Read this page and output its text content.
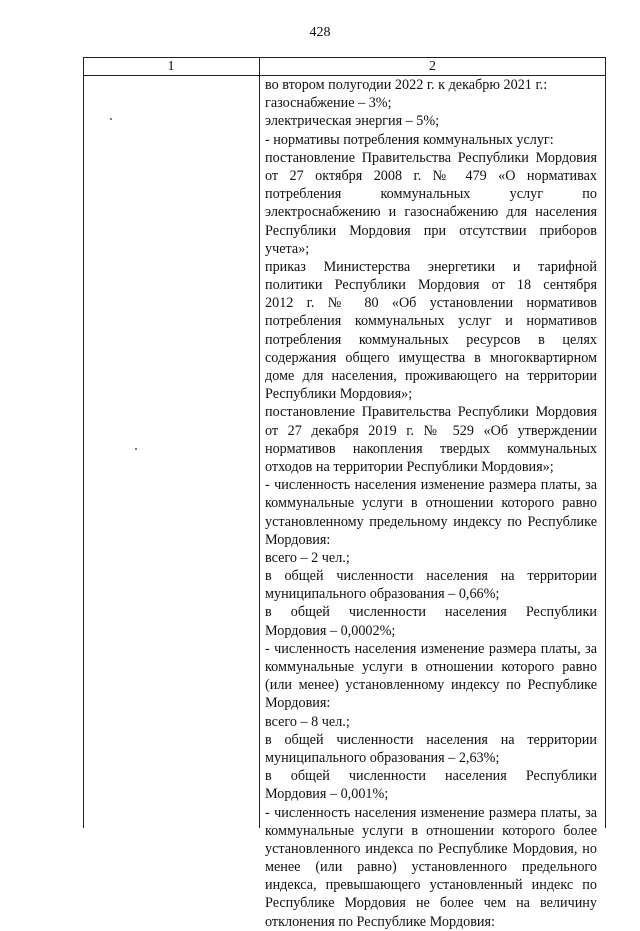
428
1	2
во втором полугодии 2022 г. к декабрю 2021 г.:
газоснабжение – 3%;
электрическая энергия – 5%;
- нормативы потребления коммунальных услуг:
постановление Правительства Республики Мордовия
от 27 октября 2008 г. № 479 «О нормативах
потребления коммунальных услуг по
электроснабжению и газоснабжению для населения
Республики Мордовия при отсутствии приборов
учета»;
приказ Министерства энергетики и тарифной
политики Республики Мордовия от 18 сентября
2012 г. № 80 «Об установлении нормативов
потребления коммунальных услуг и нормативов
потребления коммунальных ресурсов в целях
содержания общего имущества в многоквартирном
доме для населения, проживающего на территории
Республики Мордовия»;
постановление Правительства Республики Мордовия
от 27 декабря 2019 г. № 529 «Об утверждении
нормативов накопления твердых коммунальных
отходов на территории Республики Мордовия»;
- численность населения изменение размера платы, за
коммунальные услуги в отношении которого равно
установленному предельному индексу по Республике
Мордовия:
всего – 2 чел.;
в общей численности населения на территории
муниципального образования – 0,66%;
в общей численности населения Республики
Мордовия – 0,0002%;
- численность населения изменение размера платы, за
коммунальные услуги в отношении которого равно
(или менее) установленному индексу по Республике
Мордовия:
всего – 8 чел.;
в общей численности населения на территории
муниципального образования – 2,63%;
в общей численности населения Республики
Мордовия – 0,001%;
- численность населения изменение размера платы, за
коммунальные услуги в отношении которого более
установленного индекса по Республике Мордовия, но
менее (или равно) установленного предельного
индекса, превышающего установленный индекс по
Республике Мордовия не более чем на величину
отклонения по Республике Мордовия:
